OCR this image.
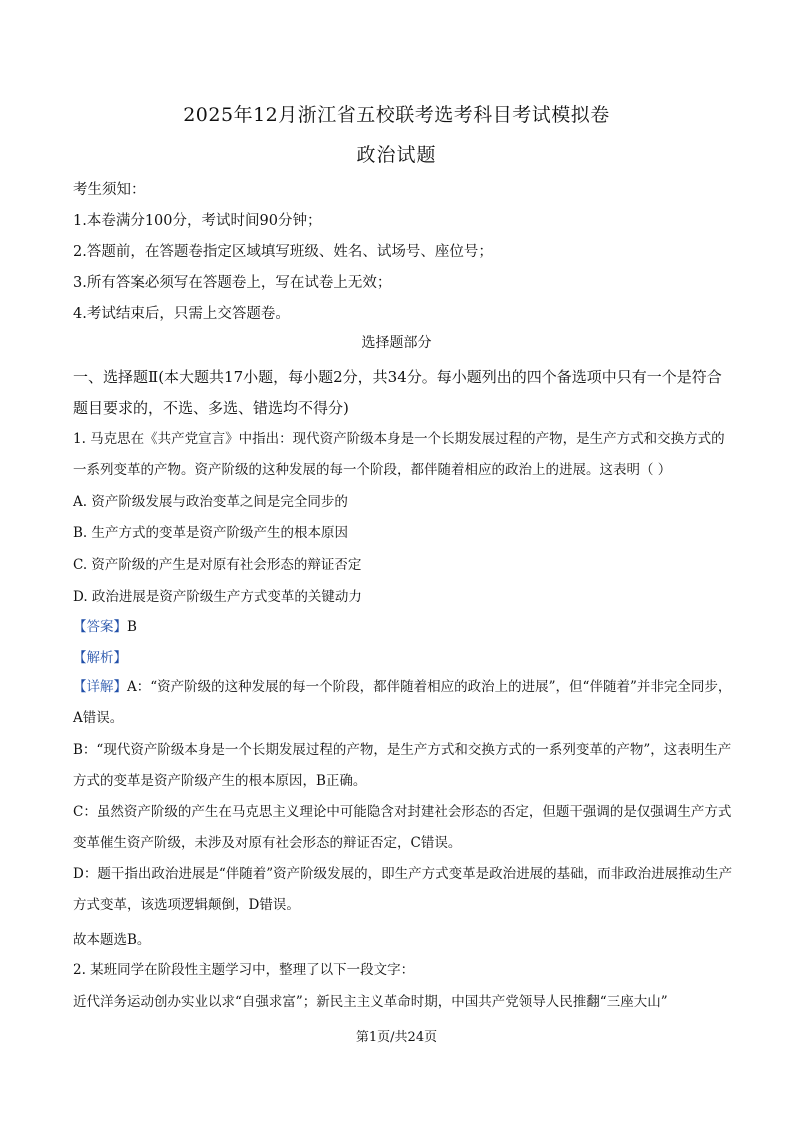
2025年12月浙江省五校联考选考科目考试模拟卷
政治试题
考生须知：
1.本卷满分100分，考试时间90分钟；
2.答题前，在答题卷指定区域填写班级、姓名、试场号、座位号；
3.所有答案必须写在答题卷上，写在试卷上无效；
4.考试结束后，只需上交答题卷。
选择题部分
一、选择题Ⅱ(本大题共17小题，每小题2分，共34分。每小题列出的四个备选项中只有一个是符合题目要求的，不选、多选、错选均不得分)
1. 马克思在《共产党宣言》中指出：现代资产阶级本身是一个长期发展过程的产物，是生产方式和交换方式的一系列变革的产物。资产阶级的这种发展的每一个阶段，都伴随着相应的政治上的进展。这表明（ ）
A. 资产阶级发展与政治变革之间是完全同步的
B. 生产方式的变革是资产阶级产生的根本原因
C. 资产阶级的产生是对原有社会形态的辩证否定
D. 政治进展是资产阶级生产方式变革的关键动力
【答案】B
【解析】
【详解】A：“资产阶级的这种发展的每一个阶段，都伴随着相应的政治上的进展”，但“伴随着”并非完全同步，A错误。
B：“现代资产阶级本身是一个长期发展过程的产物，是生产方式和交换方式的一系列变革的产物”，这表明生产方式的变革是资产阶级产生的根本原因，B正确。
C：虽然资产阶级的产生在马克思主义理论中可能隐含对封建社会形态的否定，但题干强调的是仅强调生产方式变革催生资产阶级，未涉及对原有社会形态的辩证否定，C错误。
D：题干指出政治进展是“伴随着”资产阶级发展的，即生产方式变革是政治进展的基础，而非政治进展推动生产方式变革，该选项逻辑颠倒，D错误。
故本题选B。
2. 某班同学在阶段性主题学习中，整理了以下一段文字：
近代洋务运动创办实业以求“自强求富”；新民主主义革命时期，中国共产党领导人民推翻“三座大山”
第1页/共24页
